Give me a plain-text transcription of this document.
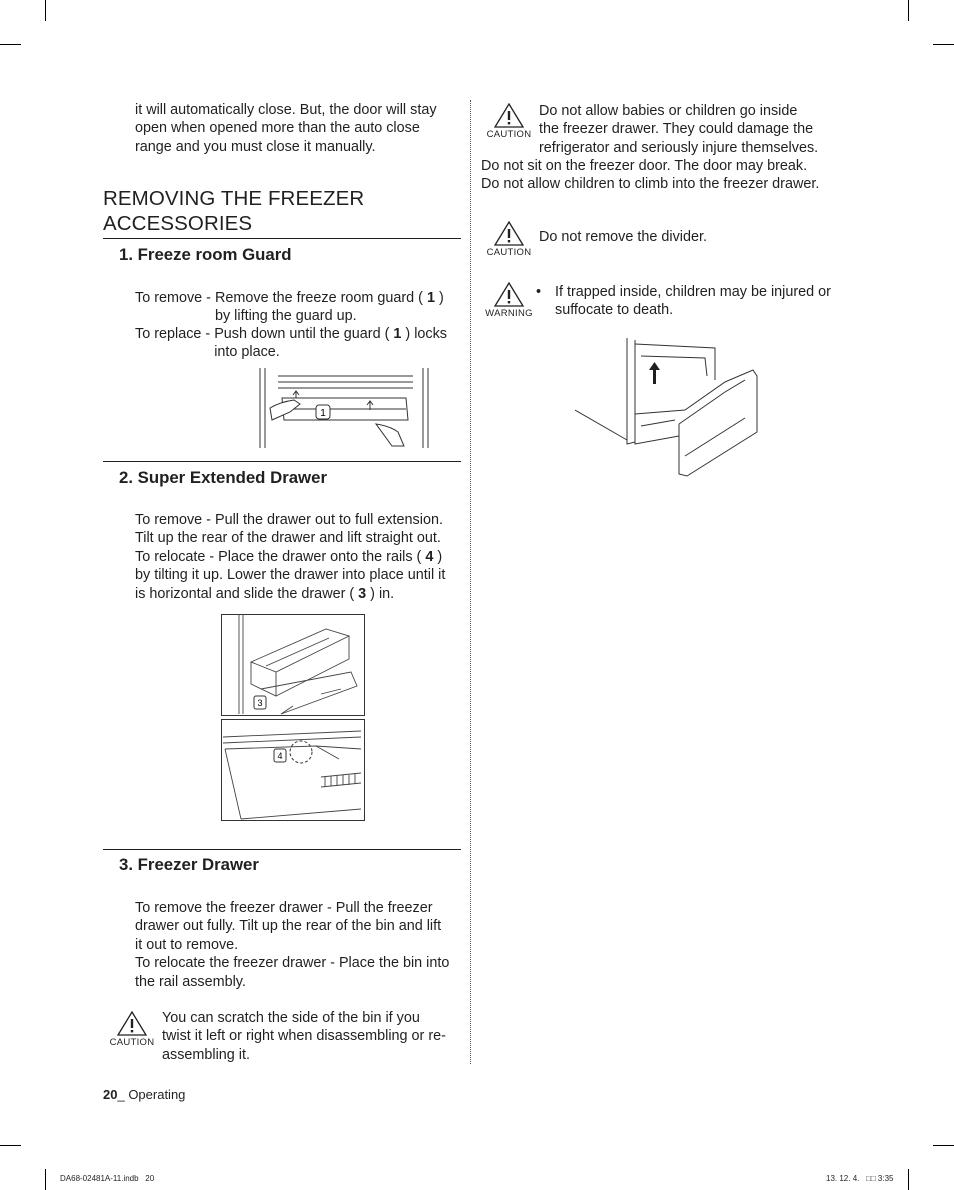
it will automatically close. But, the door will stay
open when opened more than the auto close
range and you must close it manually.
REMOVING THE FREEZER
ACCESSORIES
1. Freeze room Guard
To remove - Remove the freeze room guard ( 1 )
by lifting the guard up.
To replace - Push down until the guard ( 1 ) locks
into place.
1
2. Super Extended Drawer
To remove - Pull the drawer out to full extension.
Tilt up the rear of the drawer and lift straight out.
To relocate - Place the drawer onto the rails ( 4 )
by tilting it up. Lower the drawer into place until it
is horizontal and slide the drawer ( 3 ) in.
3
4
3. Freezer Drawer
To remove the freezer drawer - Pull the freezer
drawer out fully. Tilt up the rear of the bin and lift
it out to remove.
To relocate the freezer drawer - Place the bin into
the rail assembly.
CAUTION
You can scratch the side of the bin if you
twist it left or right when disassembling or re-
assembling it.
CAUTION
Do not allow babies or children go inside
the freezer drawer. They could damage the
refrigerator and seriously injure themselves.
Do not sit on the freezer door. The door may break.
Do not allow children to climb into the freezer drawer.
CAUTION
Do not remove the divider.
WARNING
• If trapped inside, children may be injured or
suffocate to death.
20_ Operating
DA68-02481A-11.indb   20	13. 12. 4.   □□ 3:35
